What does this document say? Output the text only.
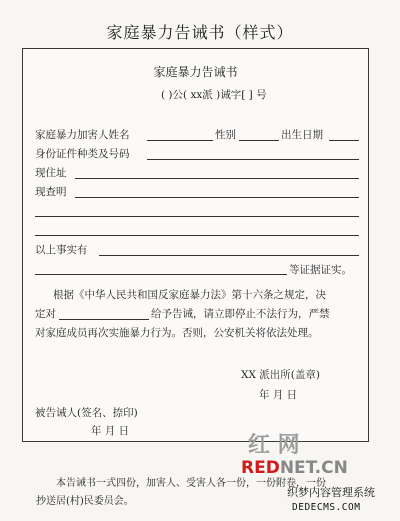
家庭暴力告诫书（样式）
家庭暴力告诫书
( )公( xx派 )诫字[ ] 号
家庭暴力加害人姓名	性别	出生日期
身份证件种类及号码
现住址
现查明
以上事实有
等证据证实。
根据《中华人民共和国反家庭暴力法》第十六条之规定，决
定对	给予告诫，请立即停止不法行为，严禁
对家庭成员再次实施暴力行为。否则，公安机关将依法处理。
XX 派出所(盖章)
年 月 日
被告诫人(签名、捺印)
年 月 日
红 网
REDNET.CN
本告诫书一式四份，加害人、受害人各一份，一份附卷，一份
抄送居(村)民委员会。
织梦内容管理系统
DEDECMS.COM
